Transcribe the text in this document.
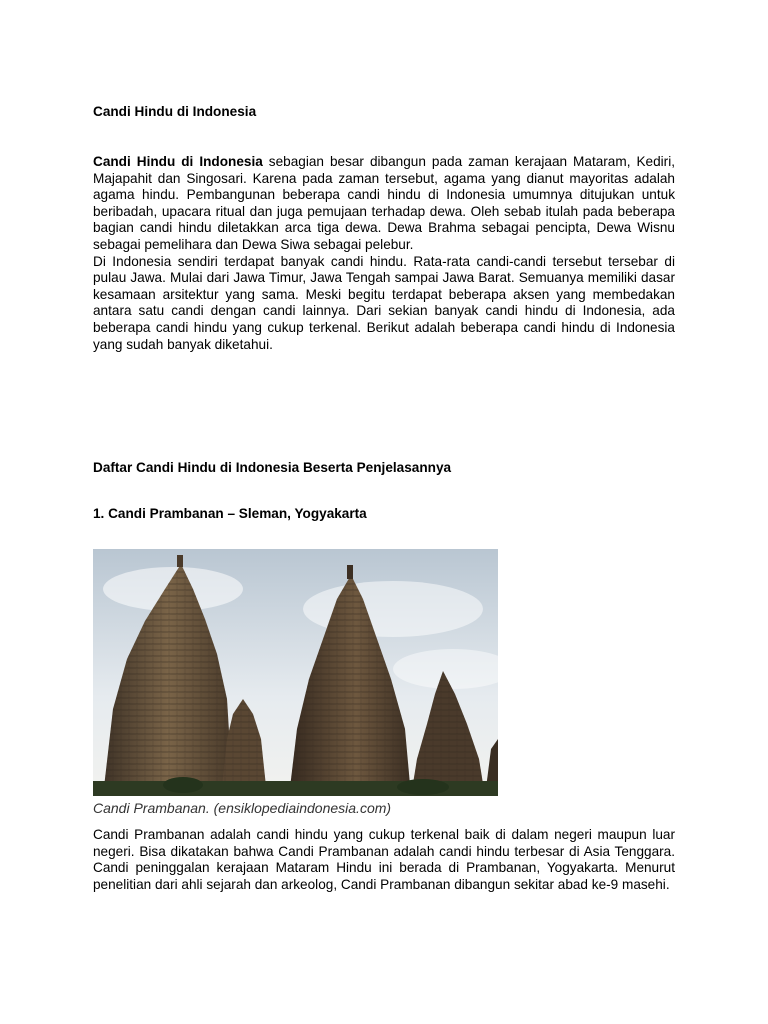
Candi Hindu di Indonesia

Candi Hindu di Indonesia sebagian besar dibangun pada zaman kerajaan Mataram, Kediri, Majapahit dan Singosari. Karena pada zaman tersebut, agama yang dianut mayoritas adalah agama hindu. Pembangunan beberapa candi hindu di Indonesia umumnya ditujukan untuk beribadah, upacara ritual dan juga pemujaan terhadap dewa. Oleh sebab itulah pada beberapa bagian candi hindu diletakkan arca tiga dewa. Dewa Brahma sebagai pencipta, Dewa Wisnu sebagai pemelihara dan Dewa Siwa sebagai pelebur.

Di Indonesia sendiri terdapat banyak candi hindu. Rata-rata candi-candi tersebut tersebar di pulau Jawa. Mulai dari Jawa Timur, Jawa Tengah sampai Jawa Barat. Semuanya memiliki dasar kesamaan arsitektur yang sama. Meski begitu terdapat beberapa aksen yang membedakan antara satu candi dengan candi lainnya. Dari sekian banyak candi hindu di Indonesia, ada beberapa candi hindu yang cukup terkenal. Berikut adalah beberapa candi hindu di Indonesia yang sudah banyak diketahui.

Daftar Candi Hindu di Indonesia Beserta Penjelasannya
1. Candi Prambanan – Sleman, Yogyakarta
Candi Prambanan. (ensiklopediaindonesia.com)

Candi Prambanan adalah candi hindu yang cukup terkenal baik di dalam negeri maupun luar negeri. Bisa dikatakan bahwa Candi Prambanan adalah candi hindu terbesar di Asia Tenggara. Candi peninggalan kerajaan Mataram Hindu ini berada di Prambanan, Yogyakarta. Menurut penelitian dari ahli sejarah dan arkeolog, Candi Prambanan dibangun sekitar abad ke-9 masehi.
